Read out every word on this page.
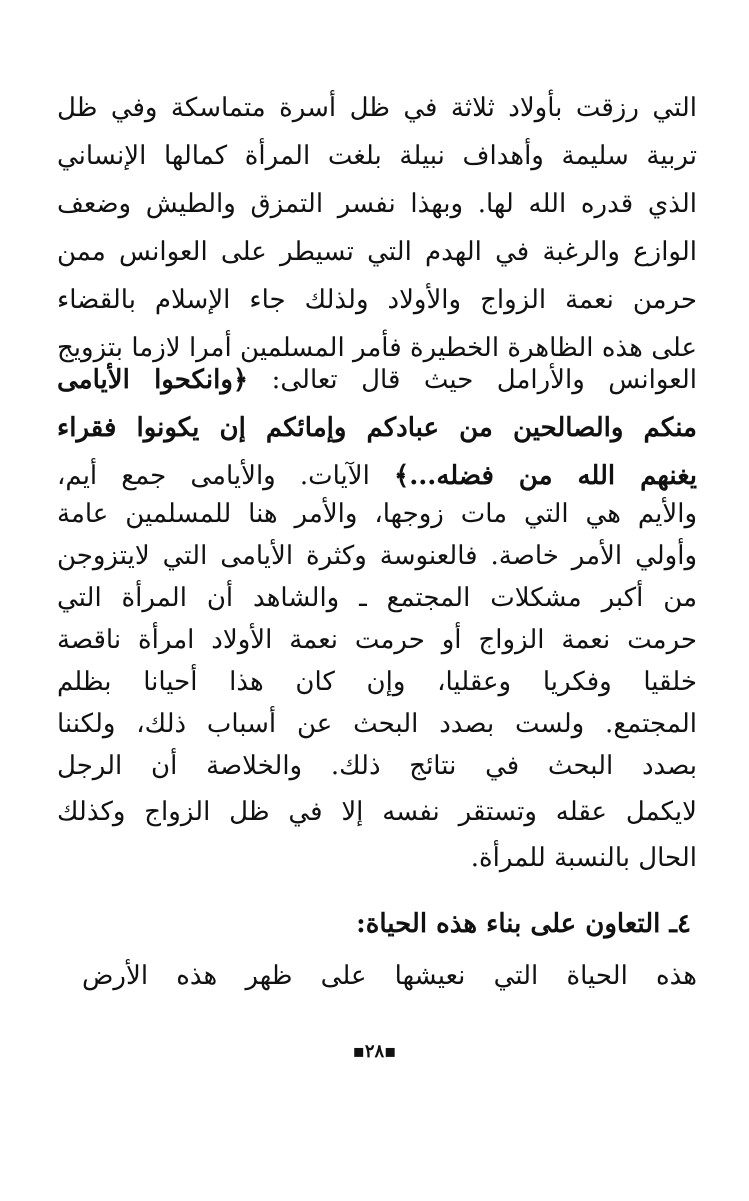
التي رزقت بأولاد ثلاثة في ظل أسرة متماسكة وفي ظل
تربية سليمة وأهداف نبيلة بلغت المرأة كمالها الإنساني
الذي قدره الله لها. وبهذا نفسر التمزق والطيش وضعف
الوازع والرغبة في الهدم التي تسيطر على العوانس ممن
حرمن نعمة الزواج والأولاد ولذلك جاء الإسلام بالقضاء
على هذه الظاهرة الخطيرة فأمر المسلمين أمرا لازما بتزويج
العوانس والأرامل حيث قال تعالى: ﴿وانكحوا الأيامى
منكم والصالحين من عبادكم وإمائكم إن يكونوا فقراء
يغنهم الله من فضله...﴾ الآيات. والأيامى جمع أيم،
والأيم هي التي مات زوجها، والأمر هنا للمسلمين عامة
وأولي الأمر خاصة. فالعنوسة وكثرة الأيامى التي لايتزوجن
من أكبر مشكلات المجتمع ـ والشاهد أن المرأة التي
حرمت نعمة الزواج أو حرمت نعمة الأولاد امرأة ناقصة
خلقيا وفكريا وعقليا، وإن كان هذا أحيانا بظلم
المجتمع. ولست بصدد البحث عن أسباب ذلك، ولكننا
بصدد البحث في نتائج ذلك. والخلاصة أن الرجل
لايكمل عقله وتستقر نفسه إلا في ظل الزواج وكذلك
الحال بالنسبة للمرأة.
٤ـ التعاون على بناء هذه الحياة:
هذه الحياة التي نعيشها على ظهر هذه الأرض
▪٢٨▪
